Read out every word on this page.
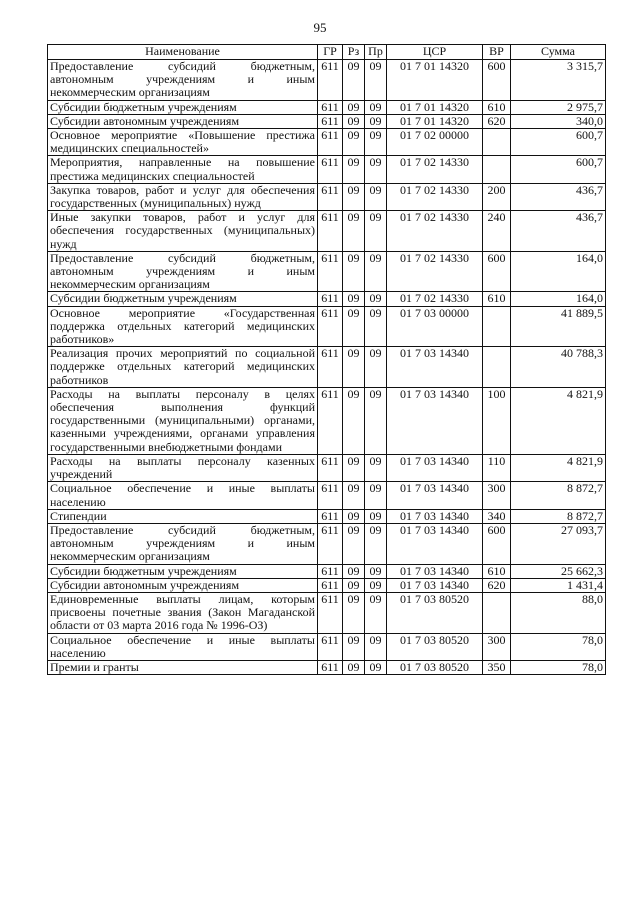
95
Наименование	ГР	Рз	Пр	ЦСР	ВР	Сумма
Предоставление субсидий бюджетным, автономным учреждениям и иным некоммерческим организациям	611	09	09	01 7 01 14320	600	3 315,7
Субсидии бюджетным учреждениям	611	09	09	01 7 01 14320	610	2 975,7
Субсидии автономным учреждениям	611	09	09	01 7 01 14320	620	340,0
Основное мероприятие «Повышение престижа медицинских специальностей»	611	09	09	01 7 02 00000		600,7
Мероприятия, направленные на повышение престижа медицинских специальностей	611	09	09	01 7 02 14330		600,7
Закупка товаров, работ и услуг для обеспечения государственных (муниципальных) нужд	611	09	09	01 7 02 14330	200	436,7
Иные закупки товаров, работ и услуг для обеспечения государственных (муниципальных) нужд	611	09	09	01 7 02 14330	240	436,7
Предоставление субсидий бюджетным, автономным учреждениям и иным некоммерческим организациям	611	09	09	01 7 02 14330	600	164,0
Субсидии бюджетным учреждениям	611	09	09	01 7 02 14330	610	164,0
Основное мероприятие «Государственная поддержка отдельных категорий медицинских работников»	611	09	09	01 7 03 00000		41 889,5
Реализация прочих мероприятий по социальной поддержке отдельных категорий медицинских работников	611	09	09	01 7 03 14340		40 788,3
Расходы на выплаты персоналу в целях обеспечения выполнения функций государственными (муниципальными) органами, казенными учреждениями, органами управления государственными внебюджетными фондами	611	09	09	01 7 03 14340	100	4 821,9
Расходы на выплаты персоналу казенных учреждений	611	09	09	01 7 03 14340	110	4 821,9
Социальное обеспечение и иные выплаты населению	611	09	09	01 7 03 14340	300	8 872,7
Стипендии	611	09	09	01 7 03 14340	340	8 872,7
Предоставление субсидий бюджетным, автономным учреждениям и иным некоммерческим организациям	611	09	09	01 7 03 14340	600	27 093,7
Субсидии бюджетным учреждениям	611	09	09	01 7 03 14340	610	25 662,3
Субсидии автономным учреждениям	611	09	09	01 7 03 14340	620	1 431,4
Единовременные выплаты лицам, которым присвоены почетные звания (Закон Магаданской области от 03 марта 2016 года № 1996-ОЗ)	611	09	09	01 7 03 80520		88,0
Социальное обеспечение и иные выплаты населению	611	09	09	01 7 03 80520	300	78,0
Премии и гранты	611	09	09	01 7 03 80520	350	78,0
